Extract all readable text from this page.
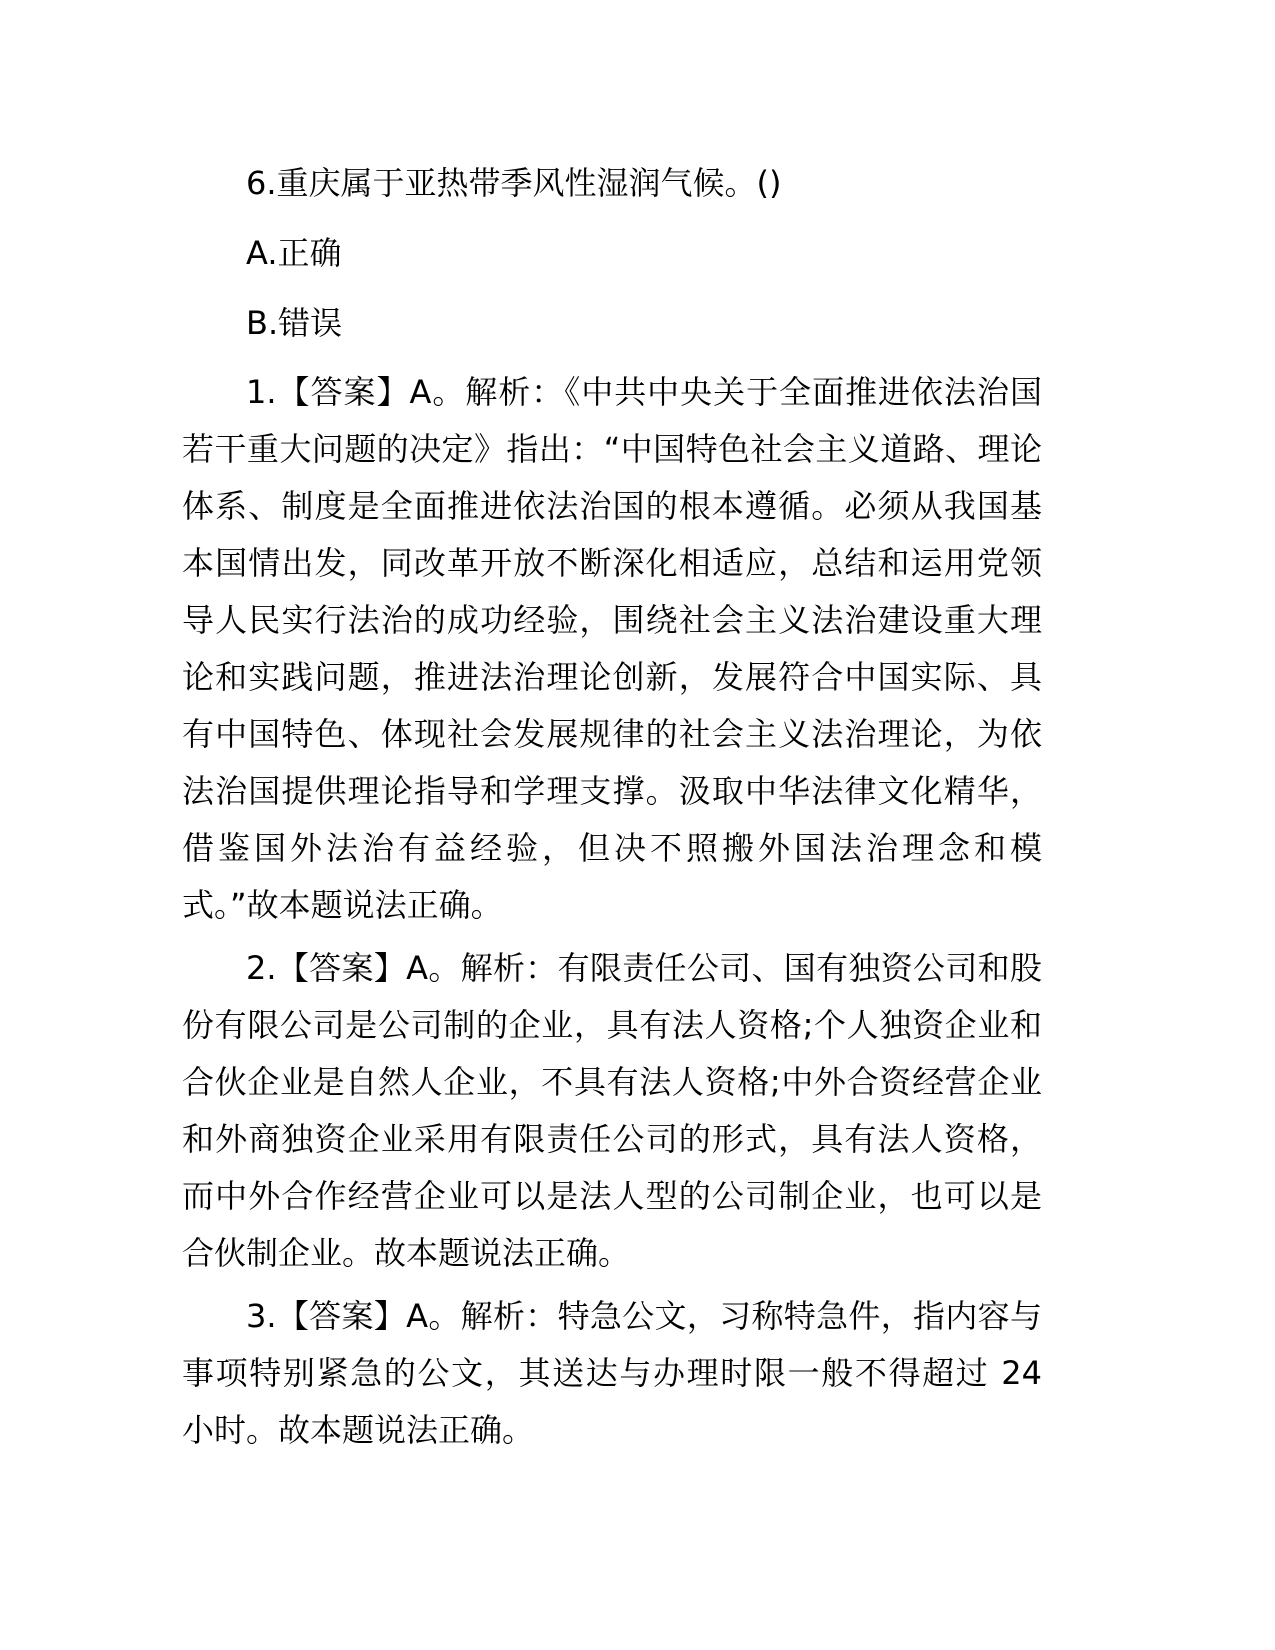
6.重庆属于亚热带季风性湿润气候。()

A.正确

B.错误

1.【答案】A。解析：《中共中央关于全面推进依法治国若干重大问题的决定》指出：“中国特色社会主义道路、理论体系、制度是全面推进依法治国的根本遵循。必须从我国基本国情出发，同改革开放不断深化相适应，总结和运用党领导人民实行法治的成功经验，围绕社会主义法治建设重大理论和实践问题，推进法治理论创新，发展符合中国实际、具有中国特色、体现社会发展规律的社会主义法治理论，为依法治国提供理论指导和学理支撑。汲取中华法律文化精华，借鉴国外法治有益经验，但决不照搬外国法治理念和模式。”故本题说法正确。

2.【答案】A。解析：有限责任公司、国有独资公司和股份有限公司是公司制的企业，具有法人资格;个人独资企业和合伙企业是自然人企业，不具有法人资格;中外合资经营企业和外商独资企业采用有限责任公司的形式，具有法人资格，而中外合作经营企业可以是法人型的公司制企业，也可以是合伙制企业。故本题说法正确。

3.【答案】A。解析：特急公文，习称特急件，指内容与事项特别紧急的公文，其送达与办理时限一般不得超过 24 小时。故本题说法正确。
